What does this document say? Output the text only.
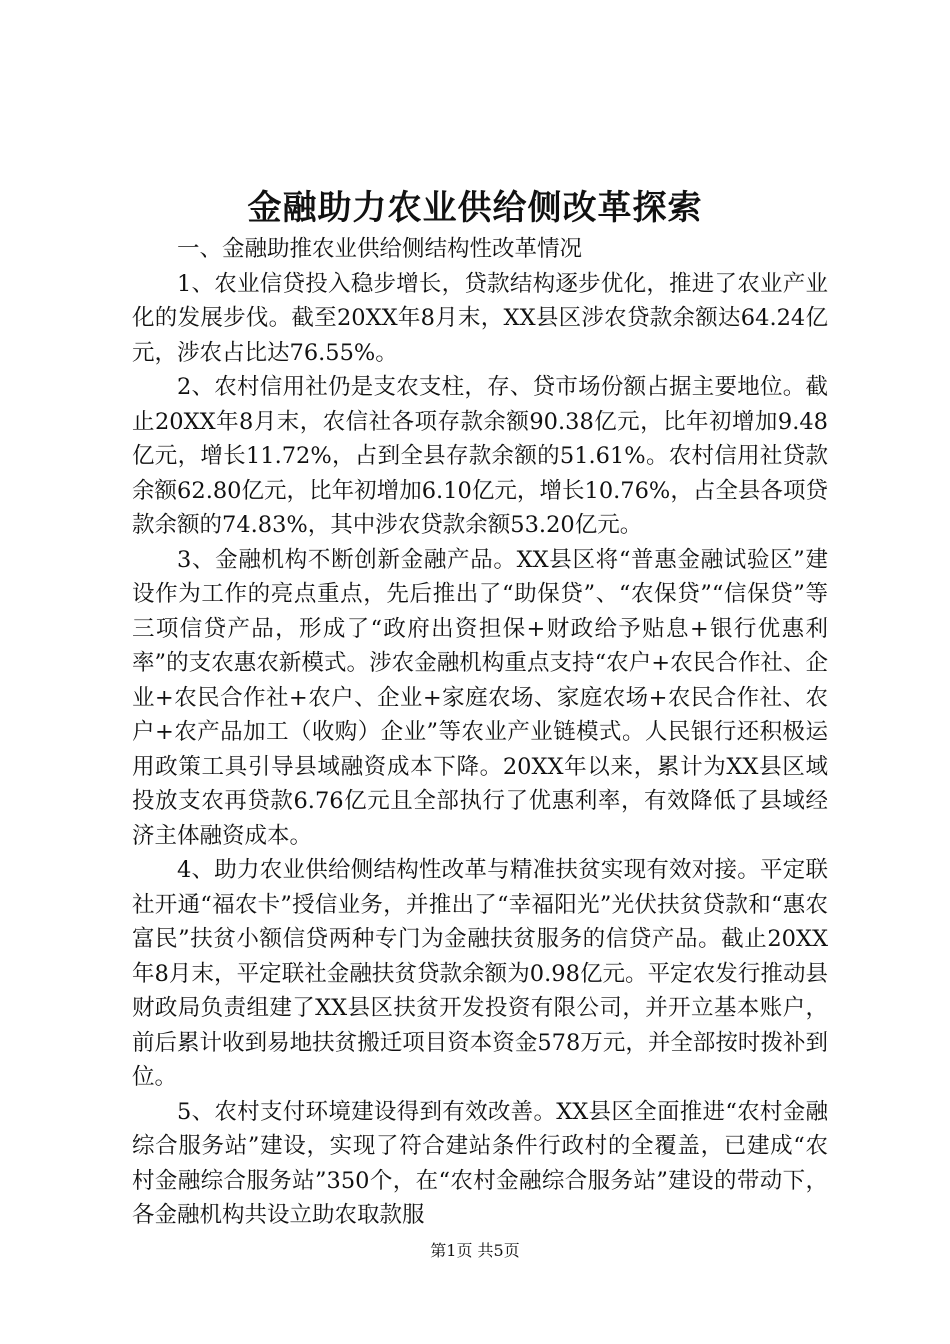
金融助力农业供给侧改革探索

一、金融助推农业供给侧结构性改革情况

1、农业信贷投入稳步增长，贷款结构逐步优化，推进了农业产业化的发展步伐。截至20XX年8月末，XX县区涉农贷款余额达64.24亿元，涉农占比达76.55%。

2、农村信用社仍是支农支柱，存、贷市场份额占据主要地位。截止20XX年8月末，农信社各项存款余额90.38亿元，比年初增加9.48亿元，增长11.72%，占到全县存款余额的51.61%。农村信用社贷款余额62.80亿元，比年初增加6.10亿元，增长10.76%，占全县各项贷款余额的74.83%，其中涉农贷款余额53.20亿元。

3、金融机构不断创新金融产品。XX县区将“普惠金融试验区”建设作为工作的亮点重点，先后推出了“助保贷”、“农保贷”“信保贷”等三项信贷产品，形成了“政府出资担保+财政给予贴息+银行优惠利率”的支农惠农新模式。涉农金融机构重点支持“农户+农民合作社、企业+农民合作社+农户、企业+家庭农场、家庭农场+农民合作社、农户+农产品加工（收购）企业”等农业产业链模式。人民银行还积极运用政策工具引导县域融资成本下降。20XX年以来，累计为XX县区域投放支农再贷款6.76亿元且全部执行了优惠利率，有效降低了县域经济主体融资成本。

4、助力农业供给侧结构性改革与精准扶贫实现有效对接。平定联社开通“福农卡”授信业务，并推出了“幸福阳光”光伏扶贫贷款和“惠农富民”扶贫小额信贷两种专门为金融扶贫服务的信贷产品。截止20XX年8月末，平定联社金融扶贫贷款余额为0.98亿元。平定农发行推动县财政局负责组建了XX县区扶贫开发投资有限公司，并开立基本账户，前后累计收到易地扶贫搬迁项目资本资金578万元，并全部按时拨补到位。

5、农村支付环境建设得到有效改善。XX县区全面推进“农村金融综合服务站”建设，实现了符合建站条件行政村的全覆盖，已建成“农村金融综合服务站”350个，在“农村金融综合服务站”建设的带动下，各金融机构共设立助农取款服

第1页 共5页
